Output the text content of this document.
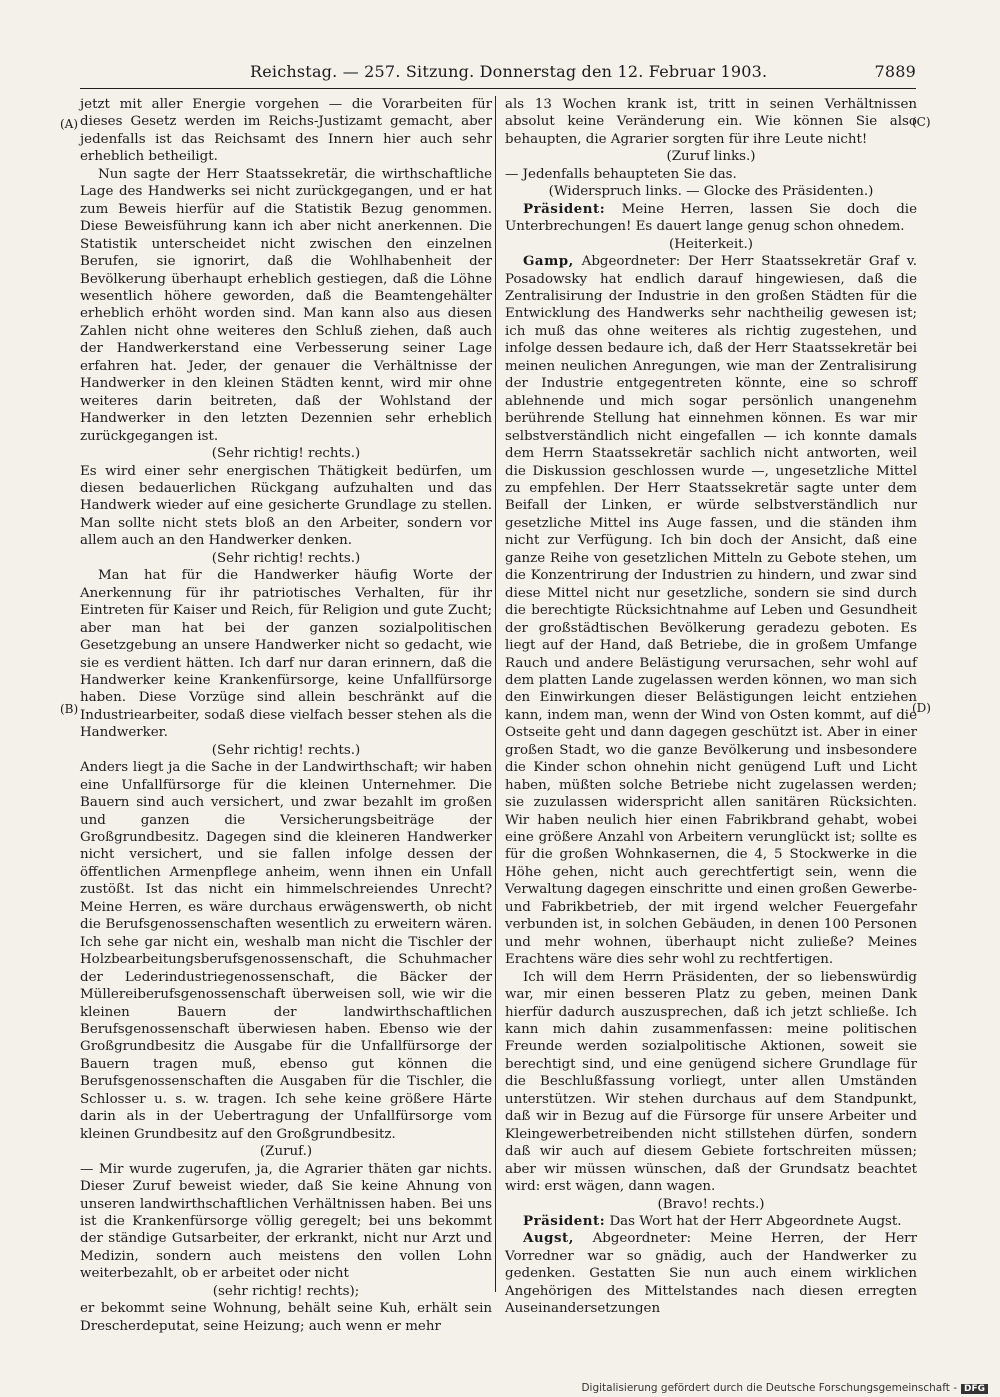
Reichstag. — 257. Sitzung. Donnerstag den 12. Februar 1903.	7889
(A)
(B)
(C)
(D)

jetzt mit aller Energie vorgehen — die Vorarbeiten für dieses Gesetz werden im Reichs-Justizamt gemacht, aber jedenfalls ist das Reichsamt des Innern hier auch sehr erheblich betheiligt.

Nun sagte der Herr Staatssekretär, die wirthschaftliche Lage des Handwerks sei nicht zurückgegangen, und er hat zum Beweis hierfür auf die Statistik Bezug genommen. Diese Beweisführung kann ich aber nicht anerkennen. Die Statistik unterscheidet nicht zwischen den einzelnen Berufen, sie ignorirt, daß die Wohlhabenheit der Bevölkerung überhaupt erheblich gestiegen, daß die Löhne wesentlich höhere geworden, daß die Beamtengehälter erheblich erhöht worden sind. Man kann also aus diesen Zahlen nicht ohne weiteres den Schluß ziehen, daß auch der Handwerkerstand eine Verbesserung seiner Lage erfahren hat. Jeder, der genauer die Verhältnisse der Handwerker in den kleinen Städten kennt, wird mir ohne weiteres darin beitreten, daß der Wohlstand der Handwerker in den letzten Dezennien sehr erheblich zurückgegangen ist.

(Sehr richtig! rechts.)

Es wird einer sehr energischen Thätigkeit bedürfen, um diesen bedauerlichen Rückgang aufzuhalten und das Handwerk wieder auf eine gesicherte Grundlage zu stellen. Man sollte nicht stets bloß an den Arbeiter, sondern vor allem auch an den Handwerker denken.

(Sehr richtig! rechts.)

Man hat für die Handwerker häufig Worte der Anerkennung für ihr patriotisches Verhalten, für ihr Eintreten für Kaiser und Reich, für Religion und gute Zucht; aber man hat bei der ganzen sozialpolitischen Gesetzgebung an unsere Handwerker nicht so gedacht, wie sie es verdient hätten. Ich darf nur daran erinnern, daß die Handwerker keine Krankenfürsorge, keine Unfallfürsorge haben. Diese Vorzüge sind allein beschränkt auf die Industriearbeiter, sodaß diese vielfach besser stehen als die Handwerker.

(Sehr richtig! rechts.)

Anders liegt ja die Sache in der Landwirthschaft; wir haben eine Unfallfürsorge für die kleinen Unternehmer. Die Bauern sind auch versichert, und zwar bezahlt im großen und ganzen die Versicherungsbeiträge der Großgrundbesitz. Dagegen sind die kleineren Handwerker nicht versichert, und sie fallen infolge dessen der öffentlichen Armenpflege anheim, wenn ihnen ein Unfall zustößt. Ist das nicht ein himmelschreiendes Unrecht? Meine Herren, es wäre durchaus erwägenswerth, ob nicht die Berufsgenossenschaften wesentlich zu erweitern wären. Ich sehe gar nicht ein, weshalb man nicht die Tischler der Holzbearbeitungsberufsgenossenschaft, die Schuhmacher der Lederindustriegenossenschaft, die Bäcker der Müllereiberufsgenossenschaft überweisen soll, wie wir die kleinen Bauern der landwirthschaftlichen Berufsgenossenschaft überwiesen haben. Ebenso wie der Großgrundbesitz die Ausgabe für die Unfallfürsorge der Bauern tragen muß, ebenso gut können die Berufsgenossenschaften die Ausgaben für die Tischler, die Schlosser u. s. w. tragen. Ich sehe keine größere Härte darin als in der Uebertragung der Unfallfürsorge vom kleinen Grundbesitz auf den Großgrundbesitz.

(Zuruf.)

— Mir wurde zugerufen, ja, die Agrarier thäten gar nichts. Dieser Zuruf beweist wieder, daß Sie keine Ahnung von unseren landwirthschaftlichen Verhältnissen haben. Bei uns ist die Krankenfürsorge völlig geregelt; bei uns bekommt der ständige Gutsarbeiter, der erkrankt, nicht nur Arzt und Medizin, sondern auch meistens den vollen Lohn weiterbezahlt, ob er arbeitet oder nicht

(sehr richtig! rechts);

er bekommt seine Wohnung, behält seine Kuh, erhält sein Drescherdeputat, seine Heizung; auch wenn er mehr

als 13 Wochen krank ist, tritt in seinen Verhältnissen absolut keine Veränderung ein. Wie können Sie also behaupten, die Agrarier sorgten für ihre Leute nicht!

(Zuruf links.)

— Jedenfalls behaupteten Sie das.

(Widerspruch links. — Glocke des Präsidenten.)

Präsident: Meine Herren, lassen Sie doch die Unterbrechungen! Es dauert lange genug schon ohnedem.

(Heiterkeit.)

Gamp, Abgeordneter: Der Herr Staatssekretär Graf v. Posadowsky hat endlich darauf hingewiesen, daß die Zentralisirung der Industrie in den großen Städten für die Entwicklung des Handwerks sehr nachtheilig gewesen ist; ich muß das ohne weiteres als richtig zugestehen, und infolge dessen bedaure ich, daß der Herr Staatssekretär bei meinen neulichen Anregungen, wie man der Zentralisirung der Industrie entgegentreten könnte, eine so schroff ablehnende und mich sogar persönlich unangenehm berührende Stellung hat einnehmen können. Es war mir selbstverständlich nicht eingefallen — ich konnte damals dem Herrn Staatssekretär sachlich nicht antworten, weil die Diskussion geschlossen wurde —, ungesetzliche Mittel zu empfehlen. Der Herr Staatssekretär sagte unter dem Beifall der Linken, er würde selbstverständlich nur gesetzliche Mittel ins Auge fassen, und die ständen ihm nicht zur Verfügung. Ich bin doch der Ansicht, daß eine ganze Reihe von gesetzlichen Mitteln zu Gebote stehen, um die Konzentrirung der Industrien zu hindern, und zwar sind diese Mittel nicht nur gesetzliche, sondern sie sind durch die berechtigte Rücksichtnahme auf Leben und Gesundheit der großstädtischen Bevölkerung geradezu geboten. Es liegt auf der Hand, daß Betriebe, die in großem Umfange Rauch und andere Belästigung verursachen, sehr wohl auf dem platten Lande zugelassen werden können, wo man sich den Einwirkungen dieser Belästigungen leicht entziehen kann, indem man, wenn der Wind von Osten kommt, auf die Ostseite geht und dann dagegen geschützt ist. Aber in einer großen Stadt, wo die ganze Bevölkerung und insbesondere die Kinder schon ohnehin nicht genügend Luft und Licht haben, müßten solche Betriebe nicht zugelassen werden; sie zuzulassen widerspricht allen sanitären Rücksichten. Wir haben neulich hier einen Fabrikbrand gehabt, wobei eine größere Anzahl von Arbeitern verunglückt ist; sollte es für die großen Wohnkasernen, die 4, 5 Stockwerke in die Höhe gehen, nicht auch gerechtfertigt sein, wenn die Verwaltung dagegen einschritte und einen großen Gewerbe- und Fabrikbetrieb, der mit irgend welcher Feuergefahr verbunden ist, in solchen Gebäuden, in denen 100 Personen und mehr wohnen, überhaupt nicht zuließe? Meines Erachtens wäre dies sehr wohl zu rechtfertigen.

Ich will dem Herrn Präsidenten, der so liebenswürdig war, mir einen besseren Platz zu geben, meinen Dank hierfür dadurch auszusprechen, daß ich jetzt schließe. Ich kann mich dahin zusammenfassen: meine politischen Freunde werden sozialpolitische Aktionen, soweit sie berechtigt sind, und eine genügend sichere Grundlage für die Beschlußfassung vorliegt, unter allen Umständen unterstützen. Wir stehen durchaus auf dem Standpunkt, daß wir in Bezug auf die Fürsorge für unsere Arbeiter und Kleingewerbetreibenden nicht stillstehen dürfen, sondern daß wir auch auf diesem Gebiete fortschreiten müssen; aber wir müssen wünschen, daß der Grundsatz beachtet wird: erst wägen, dann wagen.

(Bravo! rechts.)

Präsident: Das Wort hat der Herr Abgeordnete Augst.

Augst, Abgeordneter: Meine Herren, der Herr Vorredner war so gnädig, auch der Handwerker zu gedenken. Gestatten Sie nun auch einem wirklichen Angehörigen des Mittelstandes nach diesen erregten Auseinandersetzungen

Digitalisierung gefördert durch die Deutsche Forschungsgemeinschaft - DFG
